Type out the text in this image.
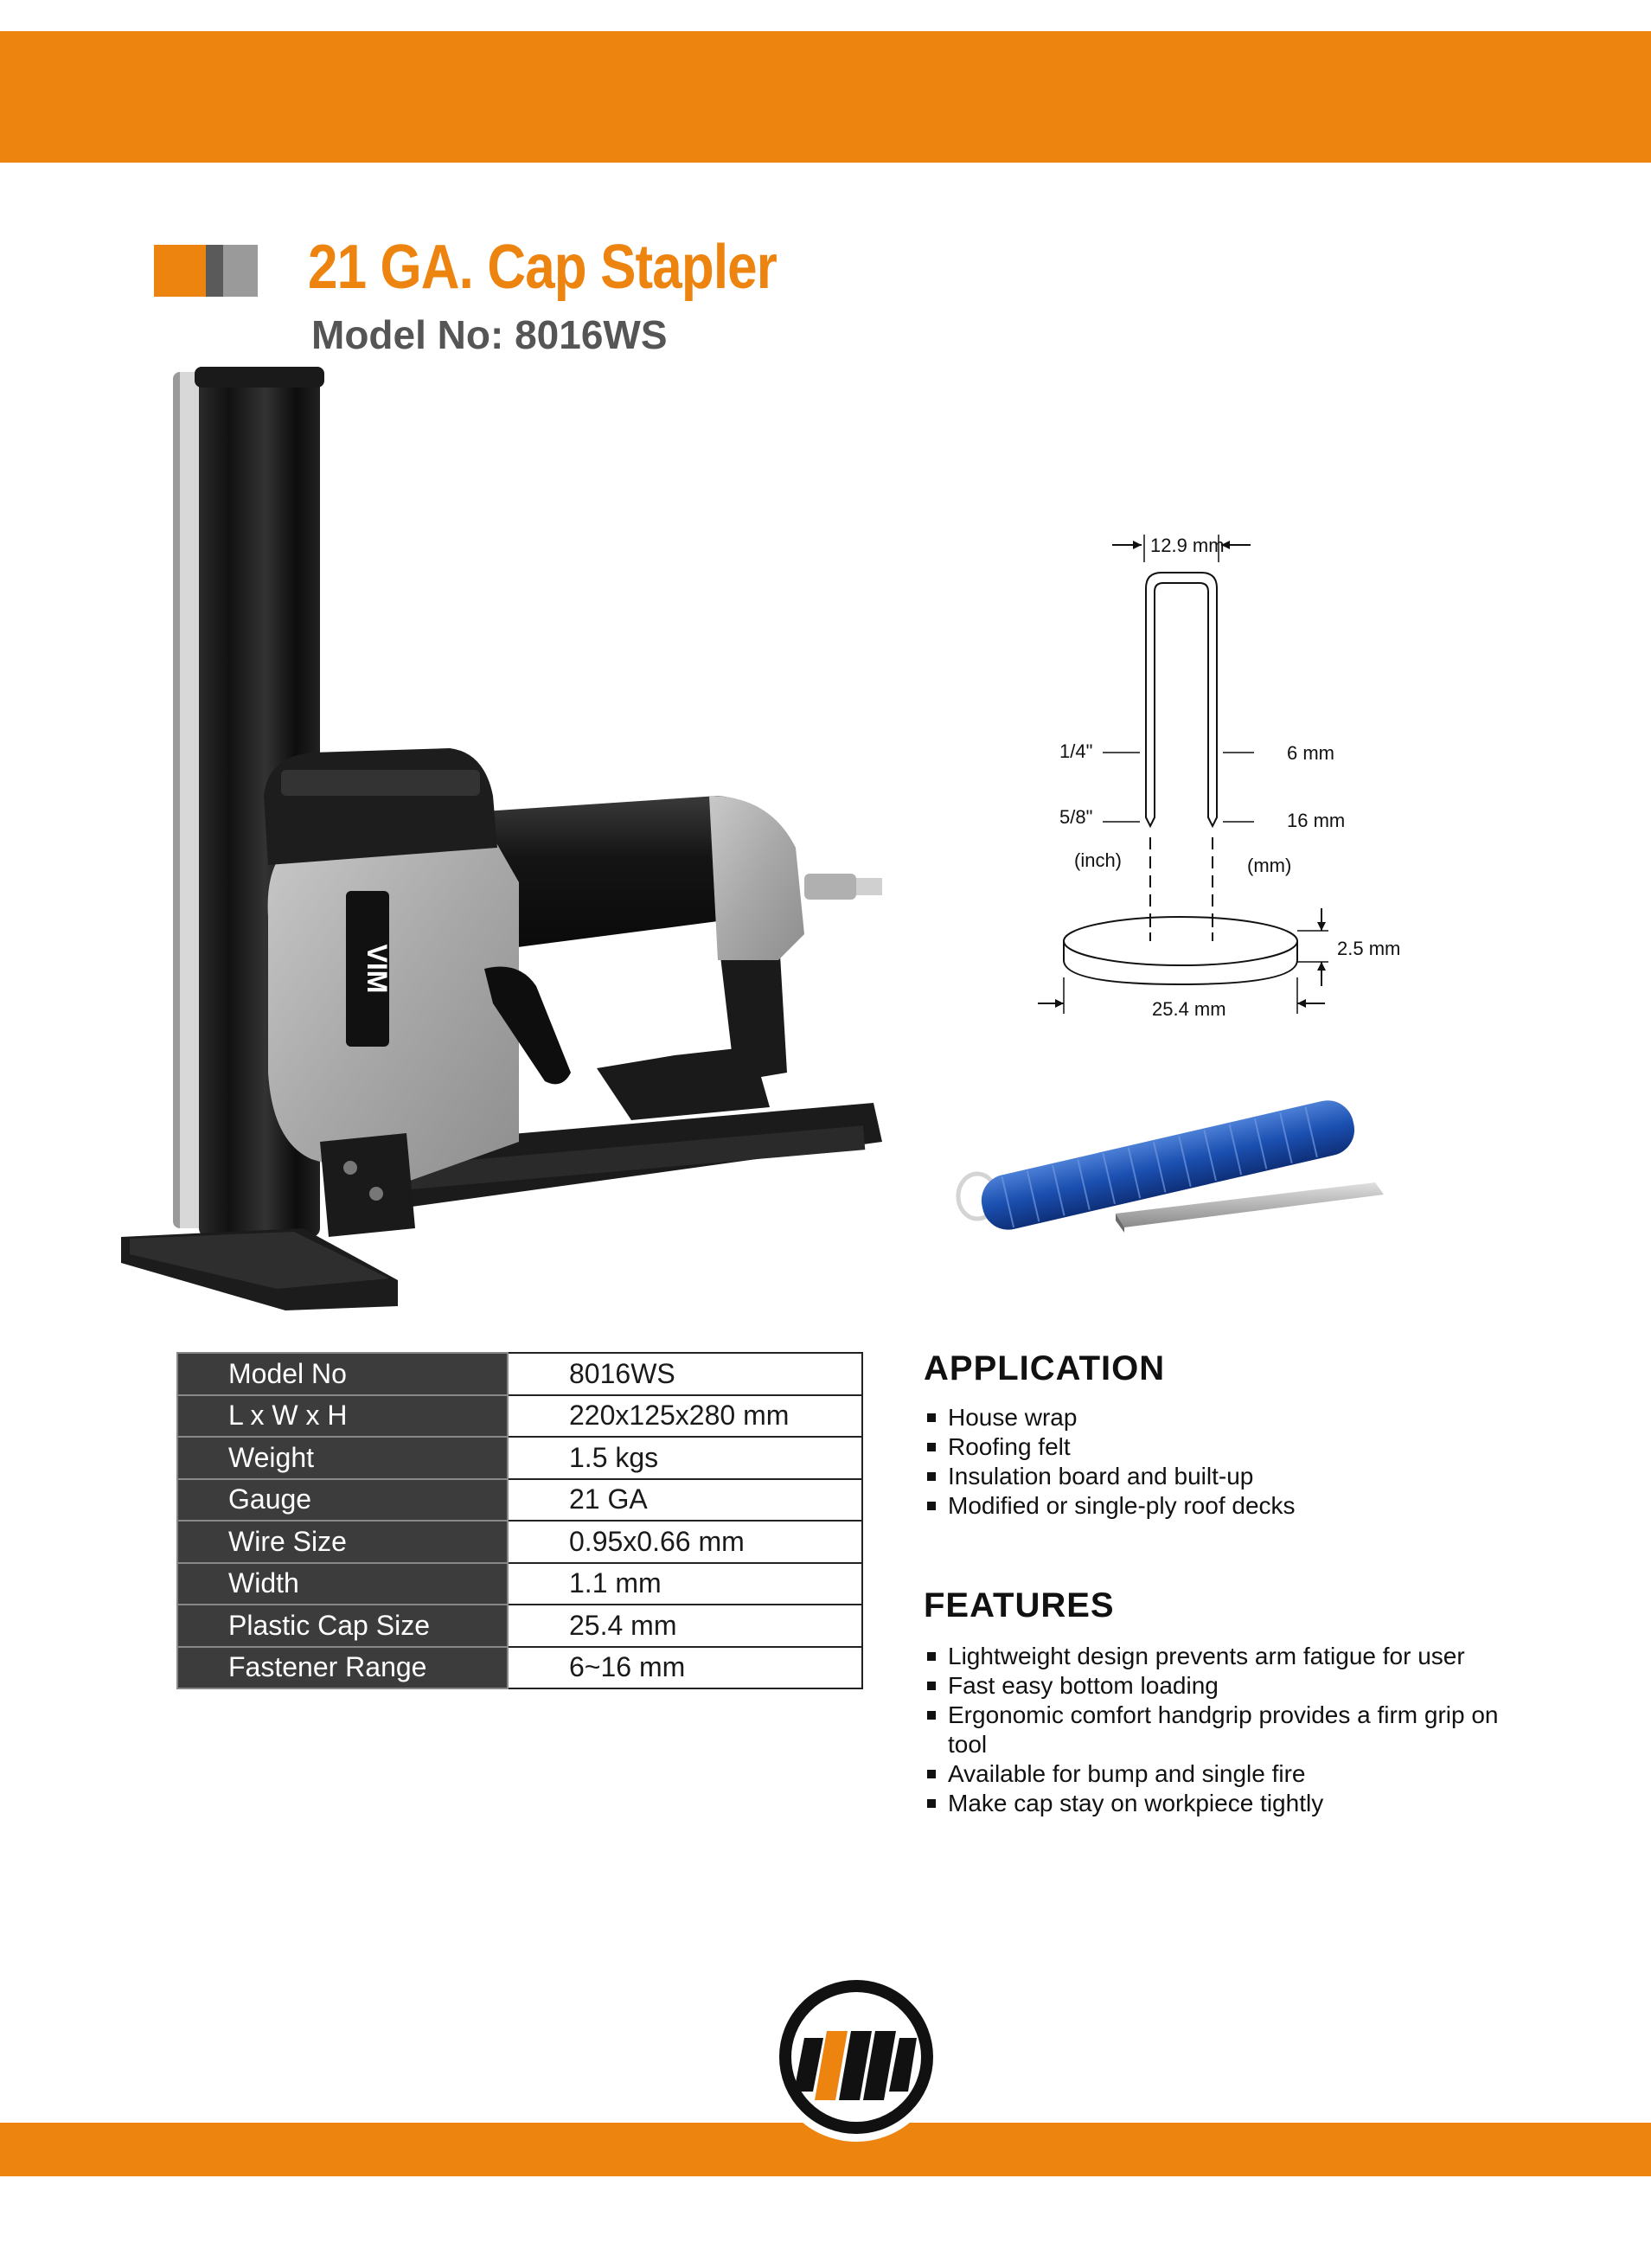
21 GA. Cap Stapler
Model No: 8016WS
VIM
12.9 mm
1/4"	6 mm
5/8"	16 mm
(inch)	(mm)
2.5 mm
25.4 mm
Model No	8016WS
L x W x H	220x125x280 mm
Weight	1.5 kgs
Gauge	21 GA
Wire Size	0.95x0.66 mm
Width	1.1 mm
Plastic Cap Size	25.4 mm
Fastener Range	6~16 mm
APPLICATION
House wrap
Roofing felt
Insulation board and built-up
Modified or single-ply roof decks
FEATURES
Lightweight design prevents arm fatigue for user
Fast easy bottom loading
Ergonomic comfort handgrip provides a firm grip on tool
Available for bump and single fire
Make cap stay on workpiece tightly
